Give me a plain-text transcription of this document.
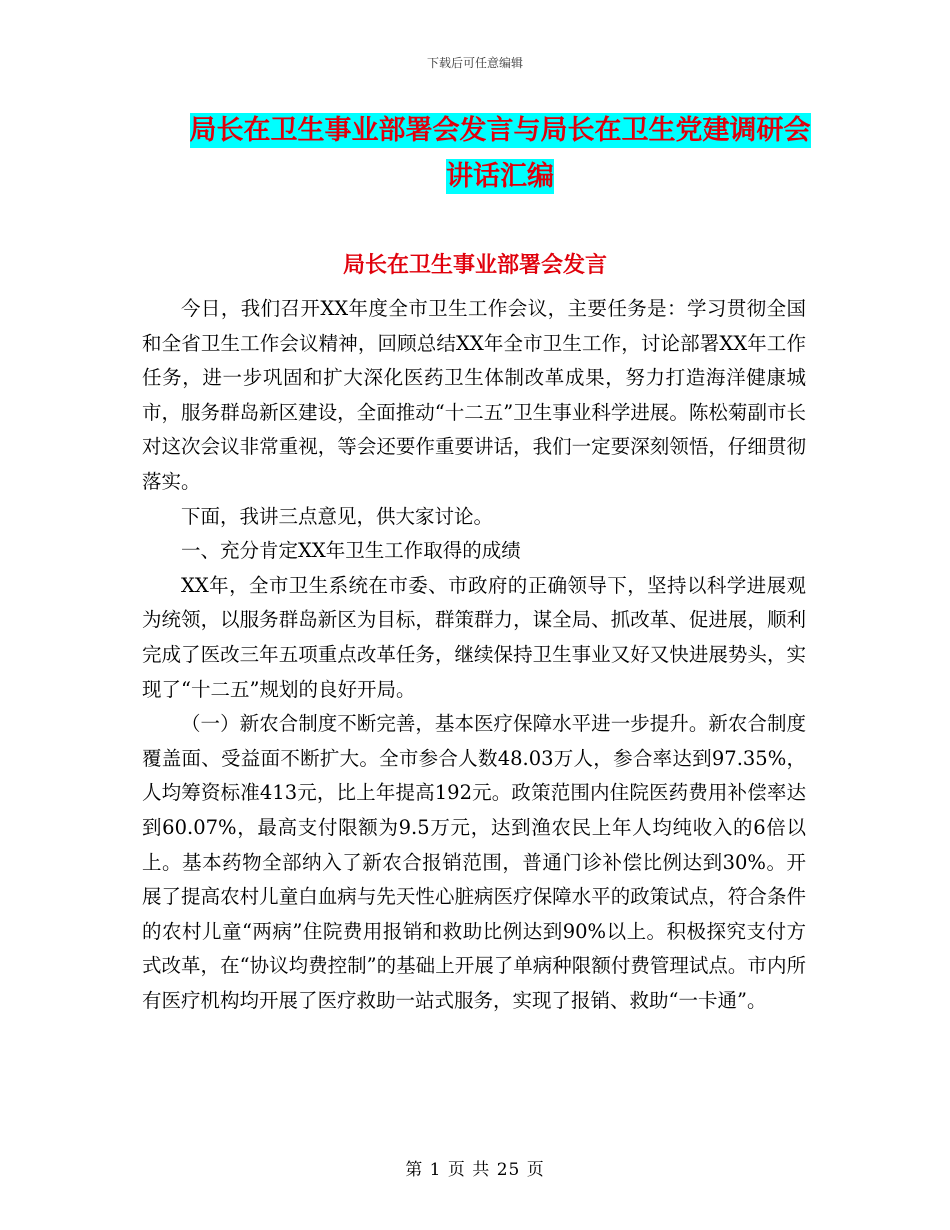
下载后可任意编辑
局长在卫生事业部署会发言与局长在卫生党建调研会
讲话汇编
局长在卫生事业部署会发言

今日，我们召开XX年度全市卫生工作会议，主要任务是：学习贯彻全国和全省卫生工作会议精神，回顾总结XX年全市卫生工作，讨论部署XX年工作任务，进一步巩固和扩大深化医药卫生体制改革成果，努力打造海洋健康城市，服务群岛新区建设，全面推动“十二五”卫生事业科学进展。陈松菊副市长对这次会议非常重视，等会还要作重要讲话，我们一定要深刻领悟，仔细贯彻落实。

下面，我讲三点意见，供大家讨论。

一、充分肯定XX年卫生工作取得的成绩

XX年，全市卫生系统在市委、市政府的正确领导下，坚持以科学进展观为统领，以服务群岛新区为目标，群策群力，谋全局、抓改革、促进展，顺利完成了医改三年五项重点改革任务，继续保持卫生事业又好又快进展势头，实现了“十二五”规划的良好开局。

（一）新农合制度不断完善，基本医疗保障水平进一步提升。新农合制度覆盖面、受益面不断扩大。全市参合人数48.03万人，参合率达到97.35%，人均筹资标准413元，比上年提高192元。政策范围内住院医药费用补偿率达到60.07%，最高支付限额为9.5万元，达到渔农民上年人均纯收入的6倍以上。基本药物全部纳入了新农合报销范围，普通门诊补偿比例达到30%。开展了提高农村儿童白血病与先天性心脏病医疗保障水平的政策试点，符合条件的农村儿童“两病”住院费用报销和救助比例达到90%以上。积极探究支付方式改革，在“协议均费控制”的基础上开展了单病种限额付费管理试点。市内所有医疗机构均开展了医疗救助一站式服务，实现了报销、救助“一卡通”。

第 1 页 共 25 页
